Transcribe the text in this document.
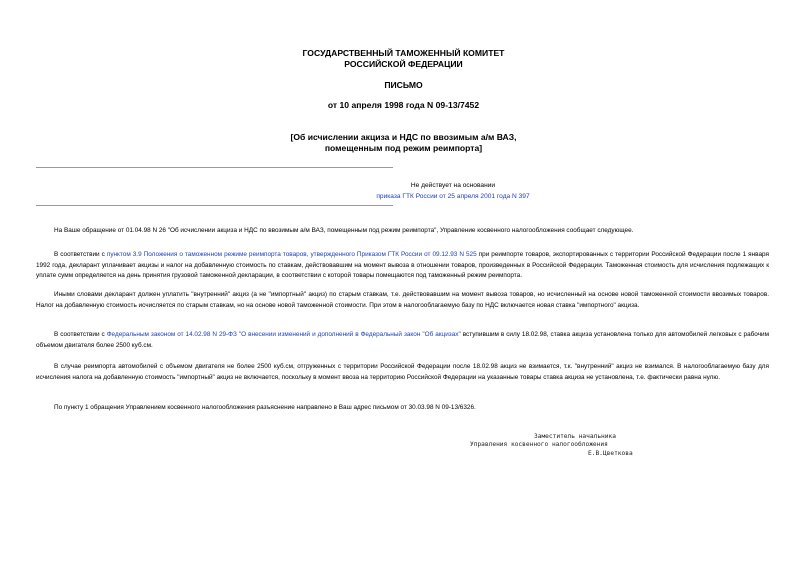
ГОСУДАРСТВЕННЫЙ ТАМОЖЕННЫЙ КОМИТЕТ
РОССИЙСКОЙ ФЕДЕРАЦИИ
ПИСЬМО
от 10 апреля 1998 года N 09-13/7452
[Об исчислении акциза и НДС по ввозимым а/м ВАЗ,
помещенным под режим реимпорта]
Не действует на основании
приказа ГТК России от 25 апреля 2001 года N 397

На Ваше обращение от 01.04.98 N 26 "Об исчислении акциза и НДС по ввозимым а/м ВАЗ, помещенным под режим реимпорта", Управление косвенного налогообложения сообщает следующее.

В соответствии с пунктом 3.9 Положения о таможенном режиме реимпорта товаров, утвержденного Приказом ГТК России от 09.12.93 N 525 при реимпорте товаров, экспортированных с территории Российской Федерации после 1 января 1992 года, декларант уплачивает акцизы и налог на добавленную стоимость по ставкам, действовавшим на момент вывоза в отношении товаров, произведенных в Российской Федерации. Таможенная стоимость для исчисления подлежащих к уплате сумм определяется на день принятия грузовой таможенной декларации, в соответствии с которой товары помещаются под таможенный режим реимпорта.

Иными словами декларант должен уплатить "внутренний" акциз (а не "импортный" акциз) по старым ставкам, т.е. действовавшим на момент вывоза товаров, но исчисленный на основе новой таможенной стоимости ввозимых товаров. Налог на добавленную стоимость исчисляется по старым ставкам, но на основе новой таможенной стоимости. При этом в налогооблагаемую базу по НДС включается новая ставка "импортного" акциза.

В соответствии с Федеральным законом от 14.02.98 N 29-ФЗ "О внесении изменений и дополнений в Федеральный закон "Об акцизах" вступившим в силу 18.02.98, ставка акциза установлена только для автомобилей легковых с рабочим объемом двигателя более 2500 куб.см.

В случае реимпорта автомобилей с объемом двигателя не более 2500 куб.см, отгруженных с территории Российской Федерации после 18.02.98 акциз не взимается, т.к. "внутренний" акциз не взимался. В налогооблагаемую базу для исчисления налога на добавленную стоимость "импортный" акциз не включается, поскольку в момент ввоза на территорию Российской Федерации на указанные товары ставка акциза не установлена, т.е. фактически равна нулю.

По пункту 1 обращения Управлением косвенного налогообложения разъяснение направлено в Ваш адрес письмом от 30.03.98 N 09-13/6326.

Заместитель начальника
Управления косвенного налогообложения
Е.В.Цветкова
